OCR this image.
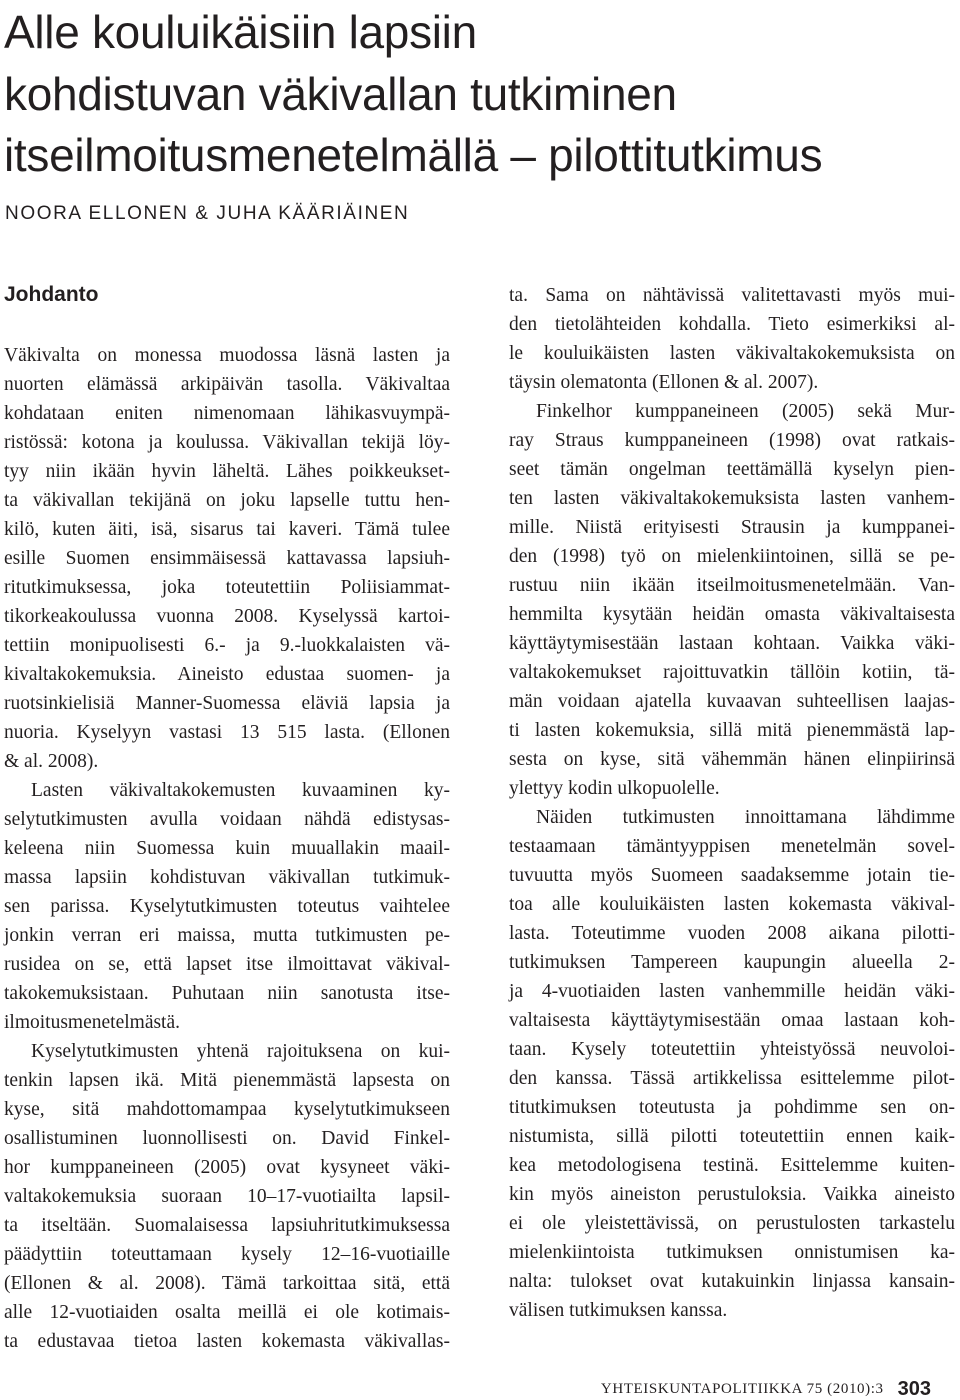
Alle kouluikäisiin lapsiin
kohdistuvan väkivallan tutkiminen
itseilmoitusmenetelmällä – pilottitutkimus

NOORA ELLONEN & JUHA KÄÄRIÄINEN

Johdanto

Väkivalta on monessa muodossa läsnä lasten ja
nuorten elämässä arkipäivän tasolla. Väkivaltaa
kohdataan eniten nimenomaan lähikasvuympä-
ristössä: kotona ja koulussa. Väkivallan tekijä löy-
tyy niin ikään hyvin läheltä. Lähes poikkeukset-
ta väkivallan tekijänä on joku lapselle tuttu hen-
kilö, kuten äiti, isä, sisarus tai kaveri. Tämä tulee
esille Suomen ensimmäisessä kattavassa lapsiuh-
ritutkimuksessa, joka toteutettiin Poliisiammat-
tikorkeakoulussa vuonna 2008. Kyselyssä kartoi-
tettiin monipuolisesti 6.- ja 9.-luokkalaisten vä-
kivaltakokemuksia. Aineisto edustaa suomen- ja
ruotsinkielisiä Manner-Suomessa eläviä lapsia ja
nuoria. Kyselyyn vastasi 13 515 lasta. (Ellonen
& al. 2008).

Lasten väkivaltakokemusten kuvaaminen ky-
selytutkimusten avulla voidaan nähdä edistysas-
keleena niin Suomessa kuin muuallakin maail-
massa lapsiin kohdistuvan väkivallan tutkimuk-
sen parissa. Kyselytutkimusten toteutus vaihtelee
jonkin verran eri maissa, mutta tutkimusten pe-
rusidea on se, että lapset itse ilmoittavat väkival-
takokemuksistaan. Puhutaan niin sanotusta itse-
ilmoitusmenetelmästä.

Kyselytutkimusten yhtenä rajoituksena on kui-
tenkin lapsen ikä. Mitä pienemmästä lapsesta on
kyse, sitä mahdottomampaa kyselytutkimukseen
osallistuminen luonnollisesti on. David Finkel-
hor kumppaneineen (2005) ovat kysyneet väki-
valtakokemuksia suoraan 10–17-vuotiailta lapsil-
ta itseltään. Suomalaisessa lapsiuhritutkimuksessa
päädyttiin toteuttamaan kysely 12–16-vuotiaille
(Ellonen & al. 2008). Tämä tarkoittaa sitä, että
alle 12-vuotiaiden osalta meillä ei ole kotimais-
ta edustavaa tietoa lasten kokemasta väkivallas-

ta. Sama on nähtävissä valitettavasti myös mui-
den tietolähteiden kohdalla. Tieto esimerkiksi al-
le kouluikäisten lasten väkivaltakokemuksista on
täysin olematonta (Ellonen & al. 2007).

Finkelhor kumppaneineen (2005) sekä Mur-
ray Straus kumppaneineen (1998) ovat ratkais-
seet tämän ongelman teettämällä kyselyn pien-
ten lasten väkivaltakokemuksista lasten vanhem-
mille. Niistä erityisesti Strausin ja kumppanei-
den (1998) työ on mielenkiintoinen, sillä se pe-
rustuu niin ikään itseilmoitusmenetelmään. Van-
hemmilta kysytään heidän omasta väkivaltaisesta
käyttäytymisestään lastaan kohtaan. Vaikka väki-
valtakokemukset rajoittuvatkin tällöin kotiin, tä-
män voidaan ajatella kuvaavan suhteellisen laajas-
ti lasten kokemuksia, sillä mitä pienemmästä lap-
sesta on kyse, sitä vähemmän hänen elinpiirinsä
ylettyy kodin ulkopuolelle.

Näiden tutkimusten innoittamana lähdimme
testaamaan tämäntyyppisen menetelmän sovel-
tuvuutta myös Suomeen saadaksemme jotain tie-
toa alle kouluikäisten lasten kokemasta väkival-
lasta. Toteutimme vuoden 2008 aikana pilotti-
tutkimuksen Tampereen kaupungin alueella 2-
ja 4-vuotiaiden lasten vanhemmille heidän väki-
valtaisesta käyttäytymisestään omaa lastaan koh-
taan. Kysely toteutettiin yhteistyössä neuvoloi-
den kanssa. Tässä artikkelissa esittelemme pilot-
titutkimuksen toteutusta ja pohdimme sen on-
nistumista, sillä pilotti toteutettiin ennen kaik-
kea metodologisena testinä. Esittelemme kuiten-
kin myös aineiston perustuloksia. Vaikka aineisto
ei ole yleistettävissä, on perustulosten tarkastelu
mielenkiintoista tutkimuksen onnistumisen ka-
nalta: tulokset ovat kutakuinkin linjassa kansain-
välisen tutkimuksen kanssa.

YHTEISKUNTAPOLITIIKKA 75 (2010):3 303
